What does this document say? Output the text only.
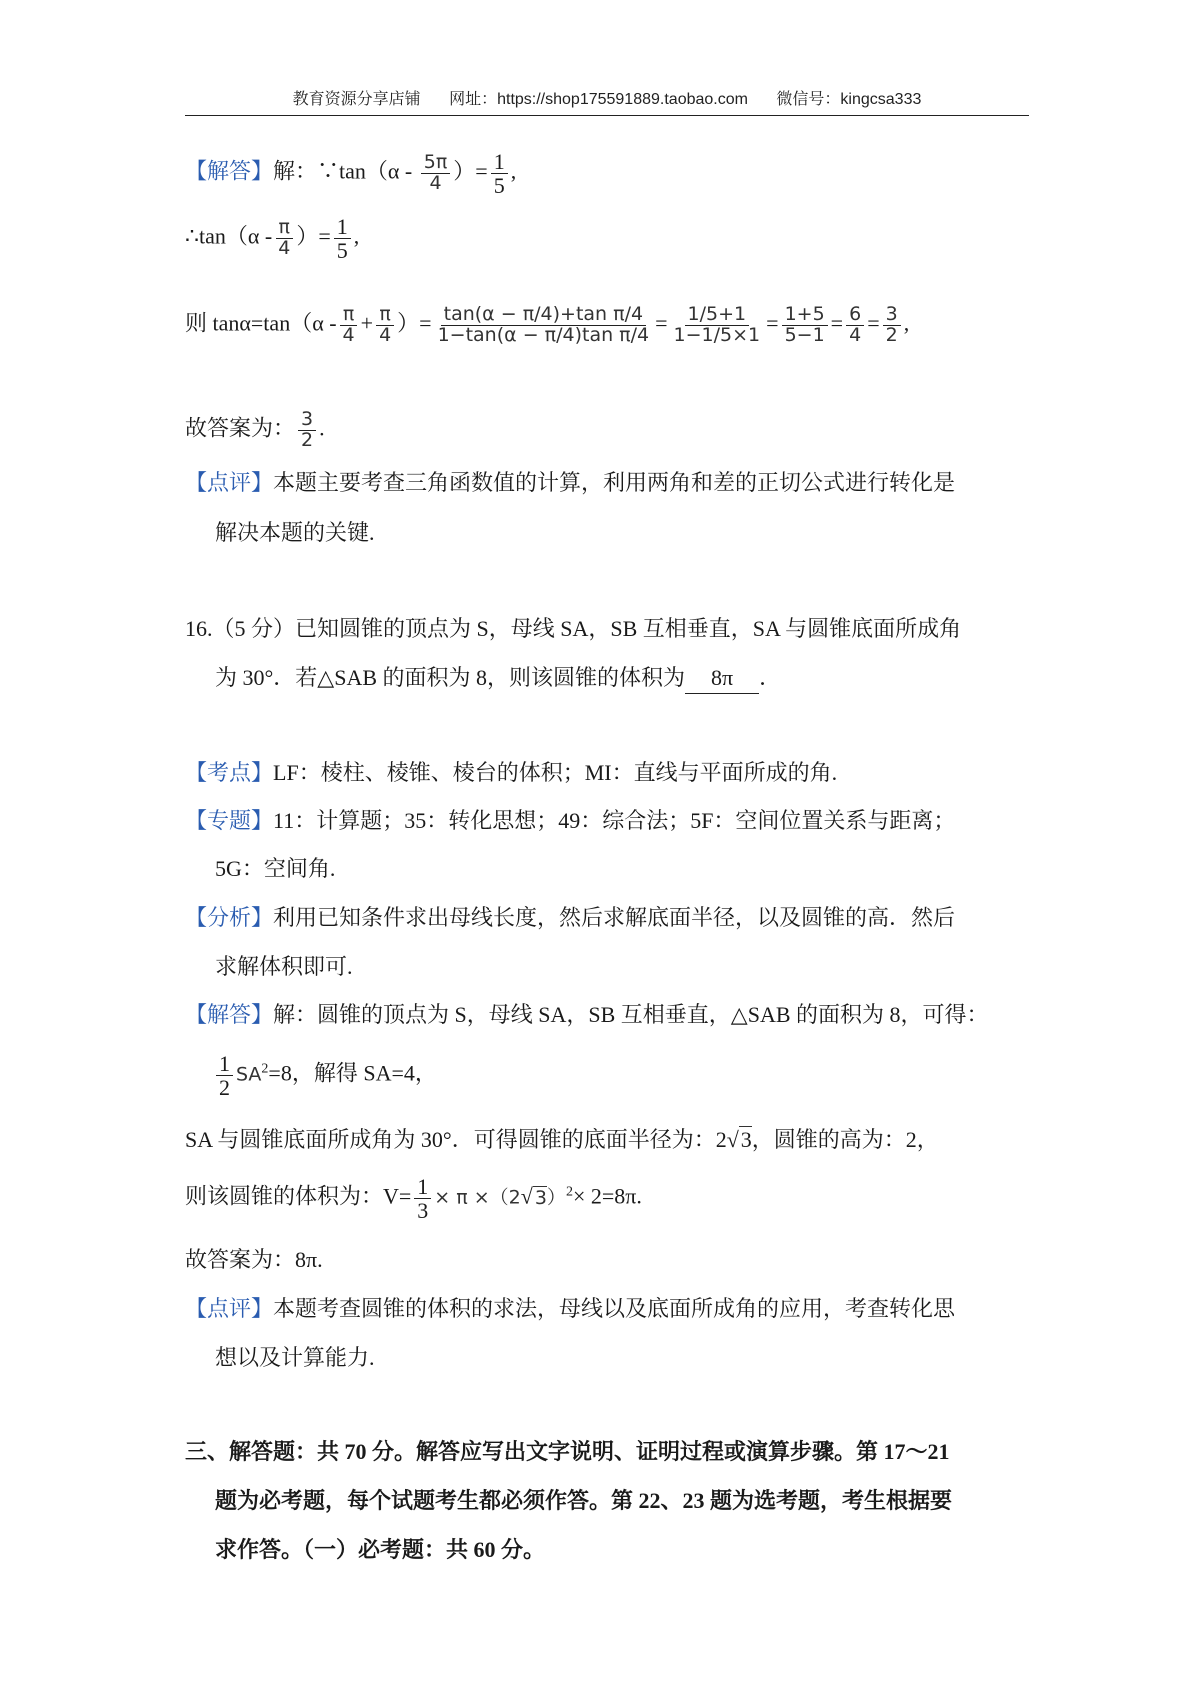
教育资源分享店铺 网址：https://shop175591889.taobao.com 微信号：kingcsa333
【解答】解：∵tan（α - $\frac{5\pi}{4}$ ）= $\frac{1}{5}$ ,
∴tan（α - $\frac{\pi}{4}$ ）= $\frac{1}{5}$ ,
则 $\tan\alpha=\tan(\alpha - \frac{\pi}{4} + \frac{\pi}{4}$ ）= $\frac{\text{tan(α − π/4)+tan π/4}}{\text{1−tan(α − π/4)tan π/4}} = \frac{1/5+1}{1-1/5\times 1} = \frac{1+5}{5-1} = \frac{6}{4} = \frac{3}{2}$ ,
故答案为： $\frac{3}{2}$ .
【点评】本题主要考查三角函数值的计算，利用两角和差的正切公式进行转化是
解决本题的关键.
16.（5 分）已知圆锥的顶点为 S，母线 SA，SB 互相垂直，SA 与圆锥底面所成角
为 30°．若△SAB 的面积为 8，则该圆锥的体积为 8π ．
【考点】LF：棱柱、棱锥、棱台的体积；MI：直线与平面所成的角.
【专题】11：计算题；35：转化思想；49：综合法；5F：空间位置关系与距离；
5G：空间角.
【分析】利用已知条件求出母线长度，然后求解底面半径，以及圆锥的高．然后
求解体积即可.
【解答】解：圆锥的顶点为 S，母线 SA，SB 互相垂直，△SAB 的面积为 8，可得：
$\frac{1}{2} SA^2=8$，解得 SA=4，
SA 与圆锥底面所成角为 30°．可得圆锥的底面半径为：2√3，圆锥的高为：2，
则该圆锥的体积为：$V= \frac{1}{3} \times \pi \times(2√$ 3）$^2$× 2=8π.
故答案为：8π.
【点评】本题考查圆锥的体积的求法，母线以及底面所成角的应用，考查转化思
想以及计算能力.
三、解答题：共 70 分。解答应写出文字说明、证明过程或演算步骤。第 17～21
题为必考题，每个试题考生都必须作答。第 22、23 题为选考题，考生根据要
求作答。（一）必考题：共 60 分。
